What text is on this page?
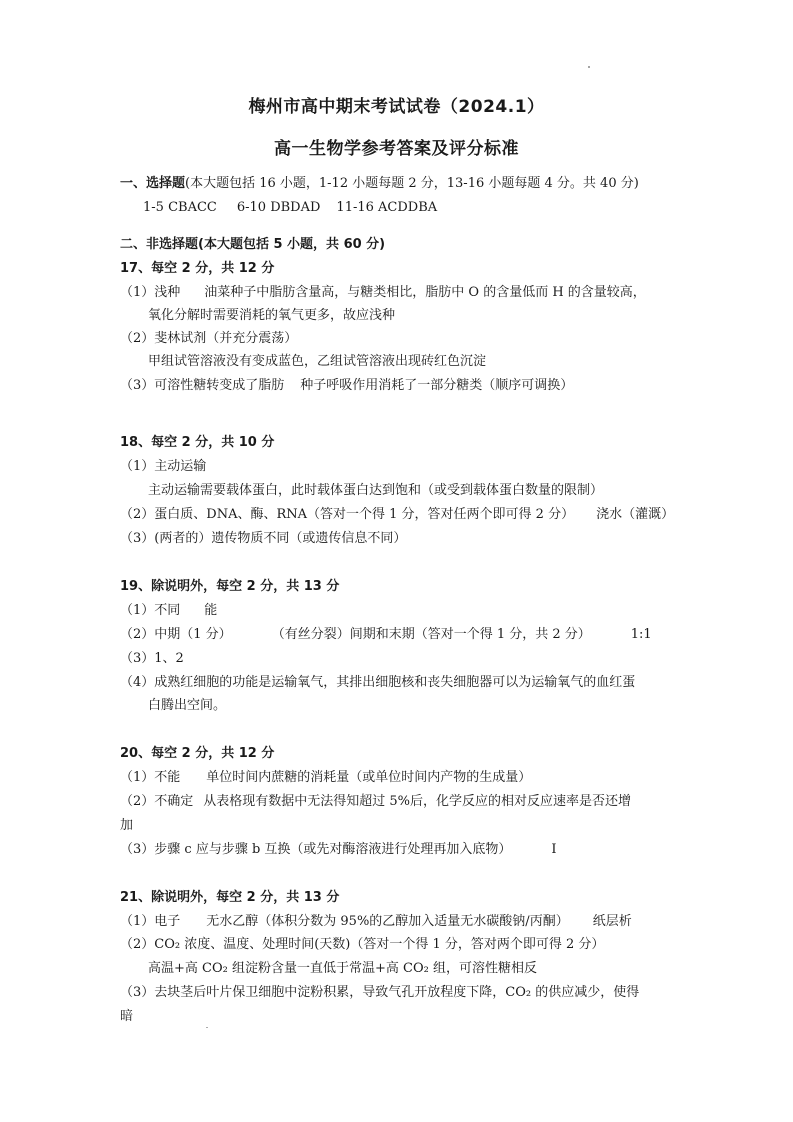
梅州市高中期末考试试卷（2024.1）
高一生物学参考答案及评分标准
一、选择题(本大题包括 16 小题，1-12 小题每题 2 分，13-16 小题每题 4 分。共 40 分)
1-5 CBACC 6-10 DBDAD 11-16 ACDDBA
二、非选择题(本大题包括 5 小题，共 60 分)
17、每空 2 分，共 12 分
（1）浅种 油菜种子中脂肪含量高，与糖类相比，脂肪中 O 的含量低而 H 的含量较高，
氧化分解时需要消耗的氧气更多，故应浅种
（2）斐林试剂（并充分震荡）
甲组试管溶液没有变成蓝色，乙组试管溶液出现砖红色沉淀
（3）可溶性糖转变成了脂肪 种子呼吸作用消耗了一部分糖类（顺序可调换）
18、每空 2 分，共 10 分
（1）主动运输
主动运输需要载体蛋白，此时载体蛋白达到饱和（或受到载体蛋白数量的限制）
（2）蛋白质、DNA、酶、RNA（答对一个得 1 分，答对任两个即可得 2 分） 浇水（灌溉）
（3）(两者的）遗传物质不同（或遗传信息不同）
19、除说明外，每空 2 分，共 13 分
（1）不同 能
（2）中期（1 分）	（有丝分裂）间期和末期（答对一个得 1 分，共 2 分）	1:1
（3）1、2
（4）成熟红细胞的功能是运输氧气，其排出细胞核和丧失细胞器可以为运输氧气的血红蛋
白腾出空间。
20、每空 2 分，共 12 分
（1）不能 单位时间内蔗糖的消耗量（或单位时间内产物的生成量）
（2）不确定 从表格现有数据中无法得知超过 5%后，化学反应的相对反应速率是否还增
加
（3）步骤 c 应与步骤 b 互换（或先对酶溶液进行处理再加入底物）	I
21、除说明外，每空 2 分，共 13 分
（1）电子 无水乙醇（体积分数为 95%的乙醇加入适量无水碳酸钠/丙酮） 纸层析
（2）CO₂ 浓度、温度、处理时间(天数)（答对一个得 1 分，答对两个即可得 2 分）
高温+高 CO₂ 组淀粉含量一直低于常温+高 CO₂ 组，可溶性糖相反
（3）去块茎后叶片保卫细胞中淀粉积累，导致气孔开放程度下降，CO₂ 的供应减少，使得
暗
